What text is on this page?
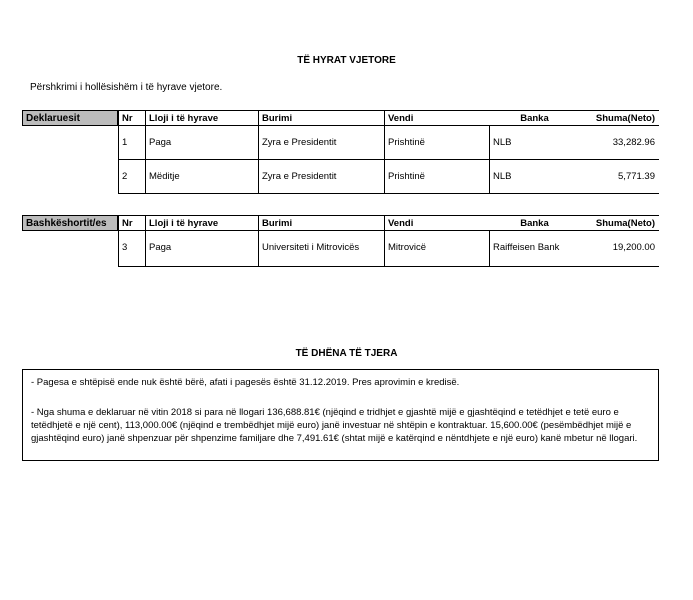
TË HYRAT VJETORE
Përshkrimi i hollësishëm i të hyrave vjetore.
Deklaruesit	Nr Lloji i të hyrave	Burimi	Vendi	Banka	Shuma(Neto)
1 Paga	Zyra e Presidentit	Prishtinë	NLB	33,282.96
2 Mëditje	Zyra e Presidentit	Prishtinë	NLB	5,771.39
Bashkëshortit/es	Nr Lloji i të hyrave	Burimi	Vendi	Banka	Shuma(Neto)
3 Paga	Universiteti i Mitrovicës	Mitrovicë	Raiffeisen Bank	19,200.00
TË DHËNA TË TJERA

- Pagesa e shtëpisë ende nuk është bërë, afati i pagesës është 31.12.2019. Pres aprovimin e kredisë.

- Nga shuma e deklaruar në vitin 2018 si para në llogari 136,688.81€ (njëqind e tridhjet e gjashtë mijë e gjashtëqind e tetëdhjet e tetë euro e tetëdhjetë e një cent), 113,000.00€ (njëqind e trembëdhjet mijë euro) janë investuar në shtëpin e kontraktuar. 15,600.00€ (pesëmbëdhjet mijë e gjashtëqind euro) janë shpenzuar për shpenzime familjare dhe 7,491.61€ (shtat mijë e katërqind e nëntdhjete e një euro) kanë mbetur në llogari.
